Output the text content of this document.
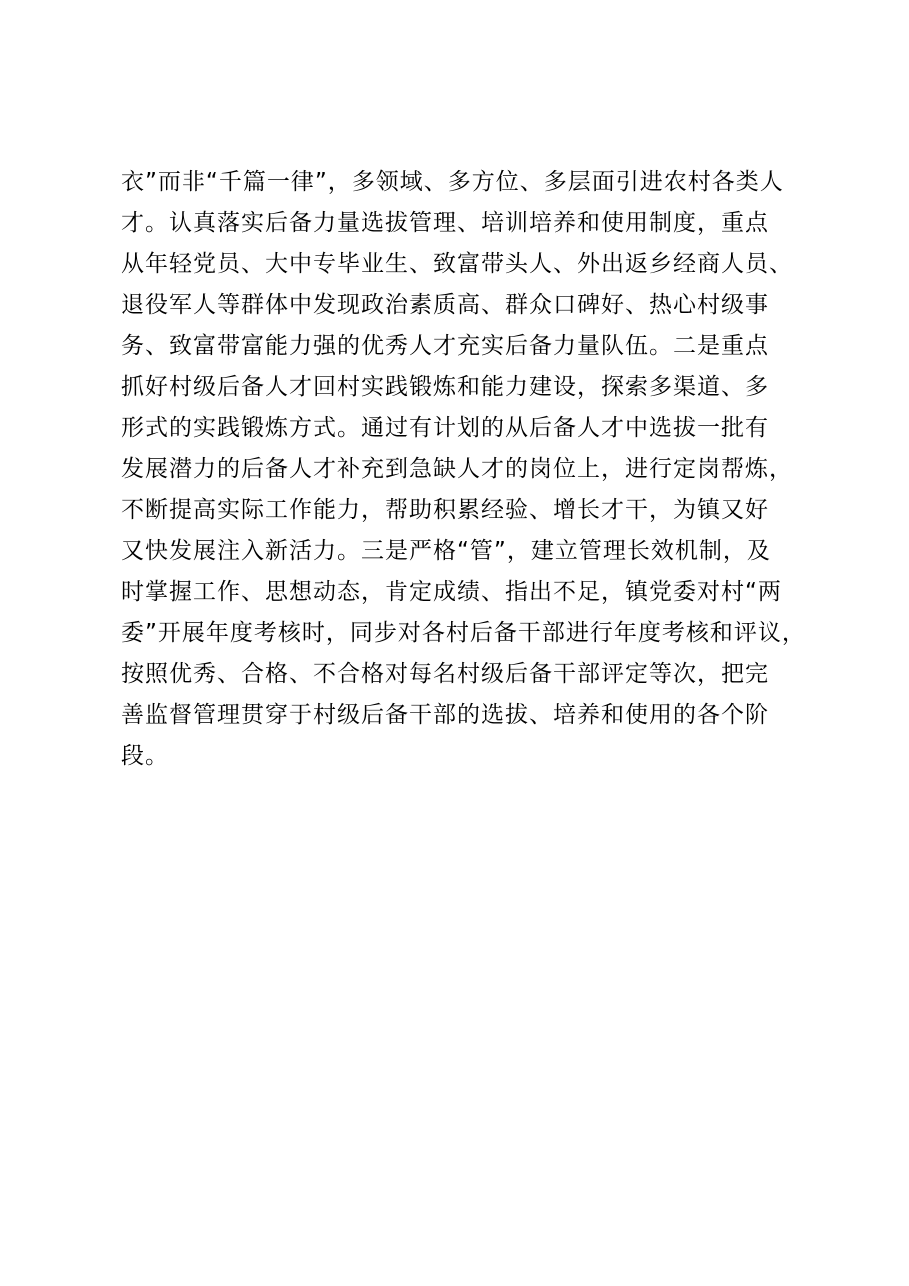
衣”而非“千篇一律”，多领域、多方位、多层面引进农村各类人
才。认真落实后备力量选拔管理、培训培养和使用制度，重点
从年轻党员、大中专毕业生、致富带头人、外出返乡经商人员、
退役军人等群体中发现政治素质高、群众口碑好、热心村级事
务、致富带富能力强的优秀人才充实后备力量队伍。二是重点
抓好村级后备人才回村实践锻炼和能力建设，探索多渠道、多
形式的实践锻炼方式。通过有计划的从后备人才中选拔一批有
发展潜力的后备人才补充到急缺人才的岗位上，进行定岗帮炼，
不断提高实际工作能力，帮助积累经验、增长才干，为镇又好
又快发展注入新活力。三是严格“管”，建立管理长效机制，及
时掌握工作、思想动态，肯定成绩、指出不足，镇党委对村“两
委”开展年度考核时，同步对各村后备干部进行年度考核和评议，
按照优秀、合格、不合格对每名村级后备干部评定等次，把完
善监督管理贯穿于村级后备干部的选拔、培养和使用的各个阶
段。
